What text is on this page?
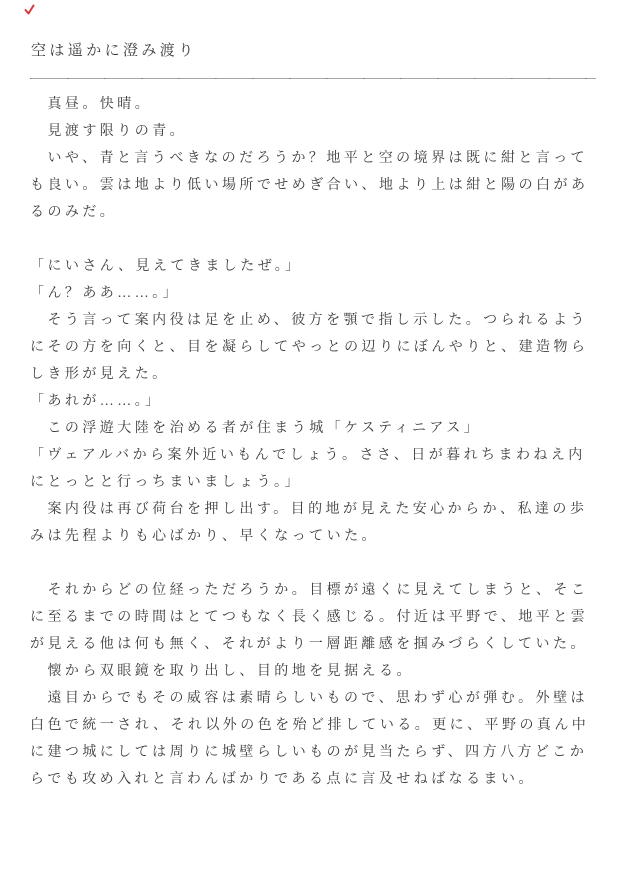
空は遥かに澄み渡り
　真昼。快晴。
　見渡す限りの青。
　いや、青と言うべきなのだろうか？地平と空の境界は既に紺と言って
も良い。雲は地より低い場所でせめぎ合い、地より上は紺と陽の白があ
るのみだ。
「にいさん、見えてきましたぜ。」
「ん？ああ……。」
　そう言って案内役は足を止め、彼方を顎で指し示した。つられるよう
にその方を向くと、目を凝らしてやっとの辺りにぼんやりと、建造物ら
しき形が見えた。
「あれが……。」
　この浮遊大陸を治める者が住まう城「ケスティニアス」
「ヴェアルバから案外近いもんでしょう。ささ、日が暮れちまわねえ内
にとっとと行っちまいましょう。」
　案内役は再び荷台を押し出す。目的地が見えた安心からか、私達の歩
みは先程よりも心ばかり、早くなっていた。
　それからどの位経っただろうか。目標が遠くに見えてしまうと、そこ
に至るまでの時間はとてつもなく長く感じる。付近は平野で、地平と雲
が見える他は何も無く、それがより一層距離感を掴みづらくしていた。
　懐から双眼鏡を取り出し、目的地を見据える。
　遠目からでもその威容は素晴らしいもので、思わず心が弾む。外壁は
白色で統一され、それ以外の色を殆ど排している。更に、平野の真ん中
に建つ城にしては周りに城壁らしいものが見当たらず、四方八方どこか
らでも攻め入れと言わんばかりである点に言及せねばなるまい。
